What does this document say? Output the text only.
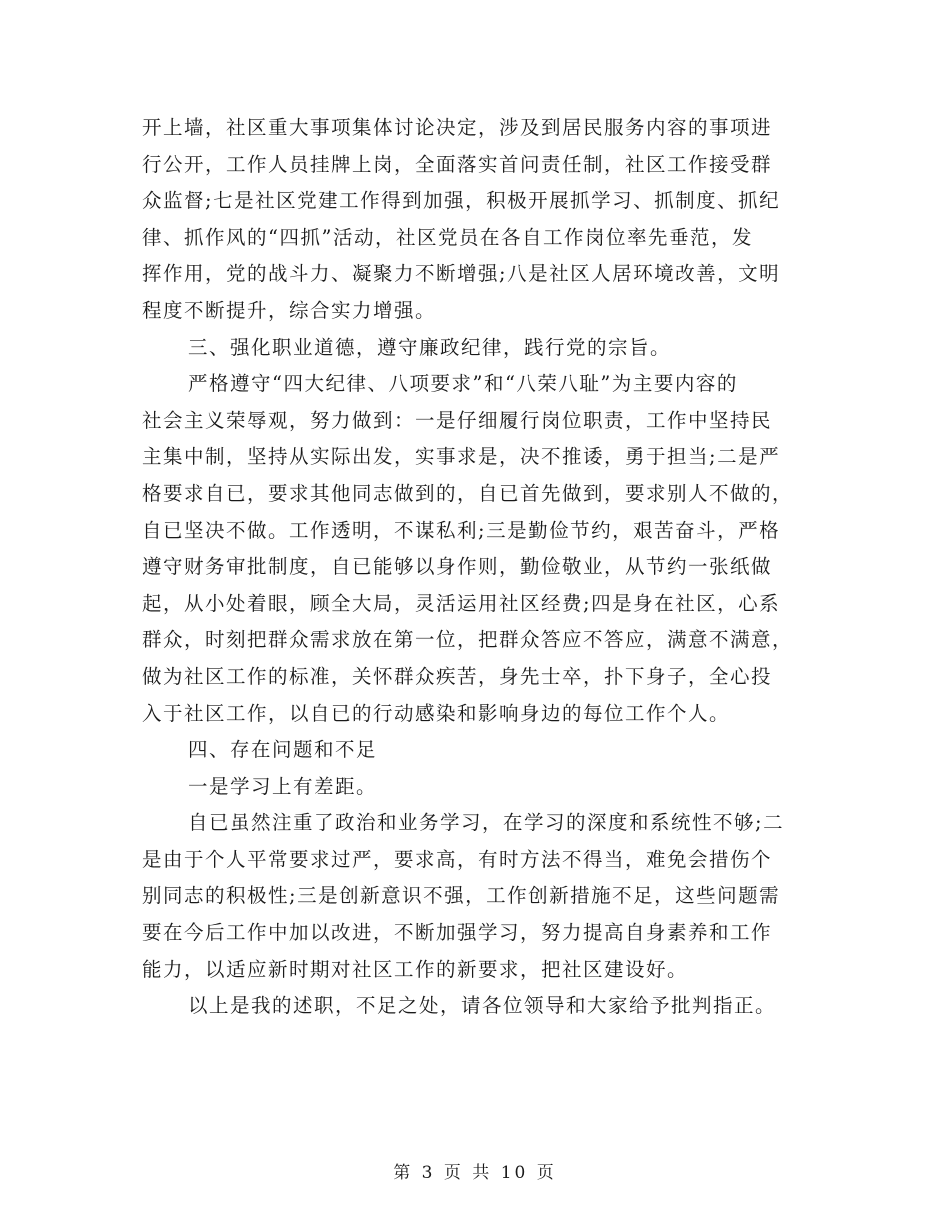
开上墙，社区重大事项集体讨论决定，涉及到居民服务内容的事项进
行公开，工作人员挂牌上岗，全面落实首问责任制，社区工作接受群
众监督;七是社区党建工作得到加强，积极开展抓学习、抓制度、抓纪
律、抓作风的“四抓”活动，社区党员在各自工作岗位率先垂范，发
挥作用，党的战斗力、凝聚力不断增强;八是社区人居环境改善，文明
程度不断提升，综合实力增强。
三、强化职业道德，遵守廉政纪律，践行党的宗旨。
严格遵守“四大纪律、八项要求”和“八荣八耻”为主要内容的
社会主义荣辱观，努力做到：一是仔细履行岗位职责，工作中坚持民
主集中制，坚持从实际出发，实事求是，决不推诿，勇于担当;二是严
格要求自已，要求其他同志做到的，自已首先做到，要求别人不做的，
自已坚决不做。工作透明，不谋私利;三是勤俭节约，艰苦奋斗，严格
遵守财务审批制度，自已能够以身作则，勤俭敬业，从节约一张纸做
起，从小处着眼，顾全大局，灵活运用社区经费;四是身在社区，心系
群众，时刻把群众需求放在第一位，把群众答应不答应，满意不满意，
做为社区工作的标准，关怀群众疾苦，身先士卒，扑下身子，全心投
入于社区工作，以自已的行动感染和影响身边的每位工作个人。
四、存在问题和不足
一是学习上有差距。
自已虽然注重了政治和业务学习，在学习的深度和系统性不够;二
是由于个人平常要求过严，要求高，有时方法不得当，难免会措伤个
别同志的积极性;三是创新意识不强，工作创新措施不足，这些问题需
要在今后工作中加以改进，不断加强学习，努力提高自身素养和工作
能力，以适应新时期对社区工作的新要求，把社区建设好。
以上是我的述职，不足之处，请各位领导和大家给予批判指正。
第 3 页 共 10 页
